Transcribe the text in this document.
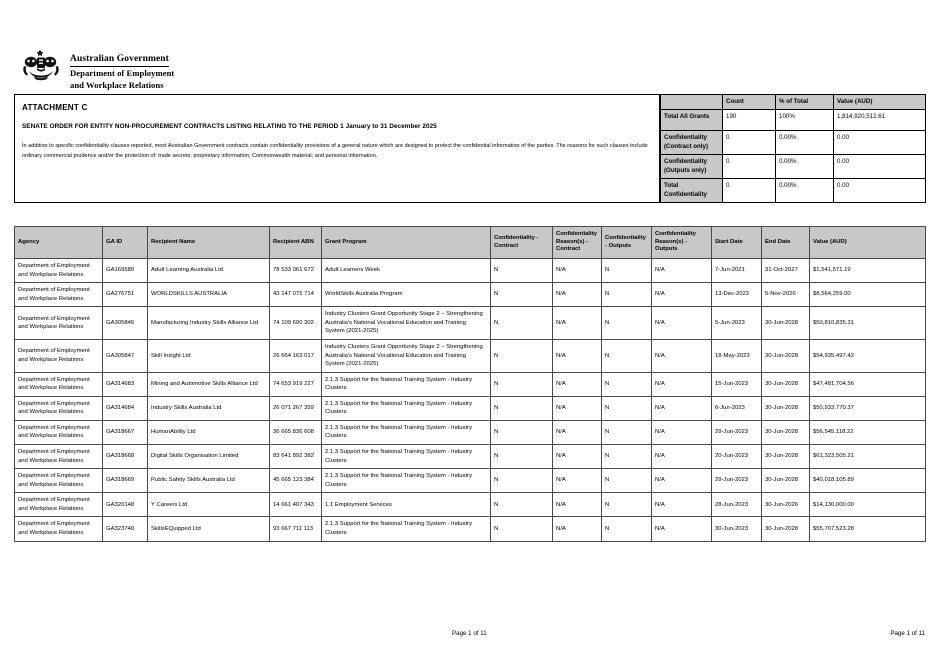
Australian Government
Department of Employment
and Workplace Relations
ATTACHMENT C
SENATE ORDER FOR ENTITY NON-PROCUREMENT CONTRACTS LISTING RELATING TO THE PERIOD 1 January to 31 December 2025
In addition to specific confidentiality clauses reported, most Australian Government contracts contain confidentiality provisions of a general nature which are designed to protect the confidential information of the parties. The reasons for such clauses include ordinary commercial prudence and/or the protection of: trade secrets; proprietary information; Commonwealth material; and personal information.
	Count	% of Total	Value (AUD)
Total All Grants	190	100%	1,814,920,512.61
Confidentiality (Contract only)	0	0.00%	0.00
Confidentiality (Outputs only)	0	0.00%	0.00
Total Confidentiality	0	0.00%	0.00
Agency	GA ID	Recipient Name	Recipient ABN	Grant Program	Confidentiality - Contract	Confidentiality Reason(s) - Contract	Confidentiality - Outputs	Confidentiality Reason(s) - Outputs	Start Date	End Date	Value (AUD)
Department of Employment and Workplace Relations	GA169580	Adult Learning Australia Ltd	78 533 061 672	Adult Learners Week	N	N/A	N	N/A	7-Jun-2021	31-Oct-2027	$1,541,571.19
Department of Employment and Workplace Relations	GA276751	WORLDSKILLS AUSTRALIA	43 147 075 714	WorldSkills Australia Program	N	N/A	N	N/A	13-Dec-2022	5-Nov-2026	$8,564,259.00
Department of Employment and Workplace Relations	GA305846	Manufacturing Industry Skills Alliance Ltd	74 109 600 302	Industry Clusters Grant Opportunity Stage 2 – Strengthening Australia's National Vocational Education and Training System (2021-2025)	N	N/A	N	N/A	5-Jun-2023	30-Jun-2028	$50,810,835.31
Department of Employment and Workplace Relations	GA305847	Skill Insight Ltd	26 664 163 017	Industry Clusters Grant Opportunity Stage 2 – Strengthening Australia's National Vocational Education and Training System (2021-2025)	N	N/A	N	N/A	18-May-2023	30-Jun-2028	$54,935,497.42
Department of Employment and Workplace Relations	GA314683	Mining and Automotive Skills Alliance Ltd	74 653 919 227	2.1.3 Support for the National Training System - Industry Clusters	N	N/A	N	N/A	15-Jun-2023	30-Jun-2028	$47,481,704.56
Department of Employment and Workplace Relations	GA314684	Industry Skills Australia Ltd	26 071 267 359	2.1.3 Support for the National Training System - Industry Clusters	N	N/A	N	N/A	6-Jun-2023	30-Jun-2028	$50,933,770.37
Department of Employment and Workplace Relations	GA318667	HumanAbility Ltd	36 665 836 608	2.1.3 Support for the National Training System - Industry Clusters	N	N/A	N	N/A	29-Jun-2023	30-Jun-2028	$56,545,118.22
Department of Employment and Workplace Relations	GA318668	Digital Skills Organisation Limited	83 641 892 382	2.1.3 Support for the National Training System - Industry Clusters	N	N/A	N	N/A	20-Jun-2023	30-Jun-2028	$61,323,505.21
Department of Employment and Workplace Relations	GA318669	Public Safety Skills Australia Ltd	45 665 123 384	2.1.3 Support for the National Training System - Industry Clusters	N	N/A	N	N/A	29-Jun-2023	30-Jun-2028	$40,018,105.89
Department of Employment and Workplace Relations	GA320148	Y Careers Ltd	14 661 407 343	1.1 Employment Services	N	N/A	N	N/A	28-Jun-2023	30-Jun-2026	$14,130,000.00
Department of Employment and Workplace Relations	GA323740	SkillsEQuipped Ltd	93 667 711 113	2.1.3 Support for the National Training System - Industry Clusters	N	N/A	N	N/A	30-Jun-2023	30-Jun-2028	$55,707,523.28
Page 1 of 11	Page 1 of 11
